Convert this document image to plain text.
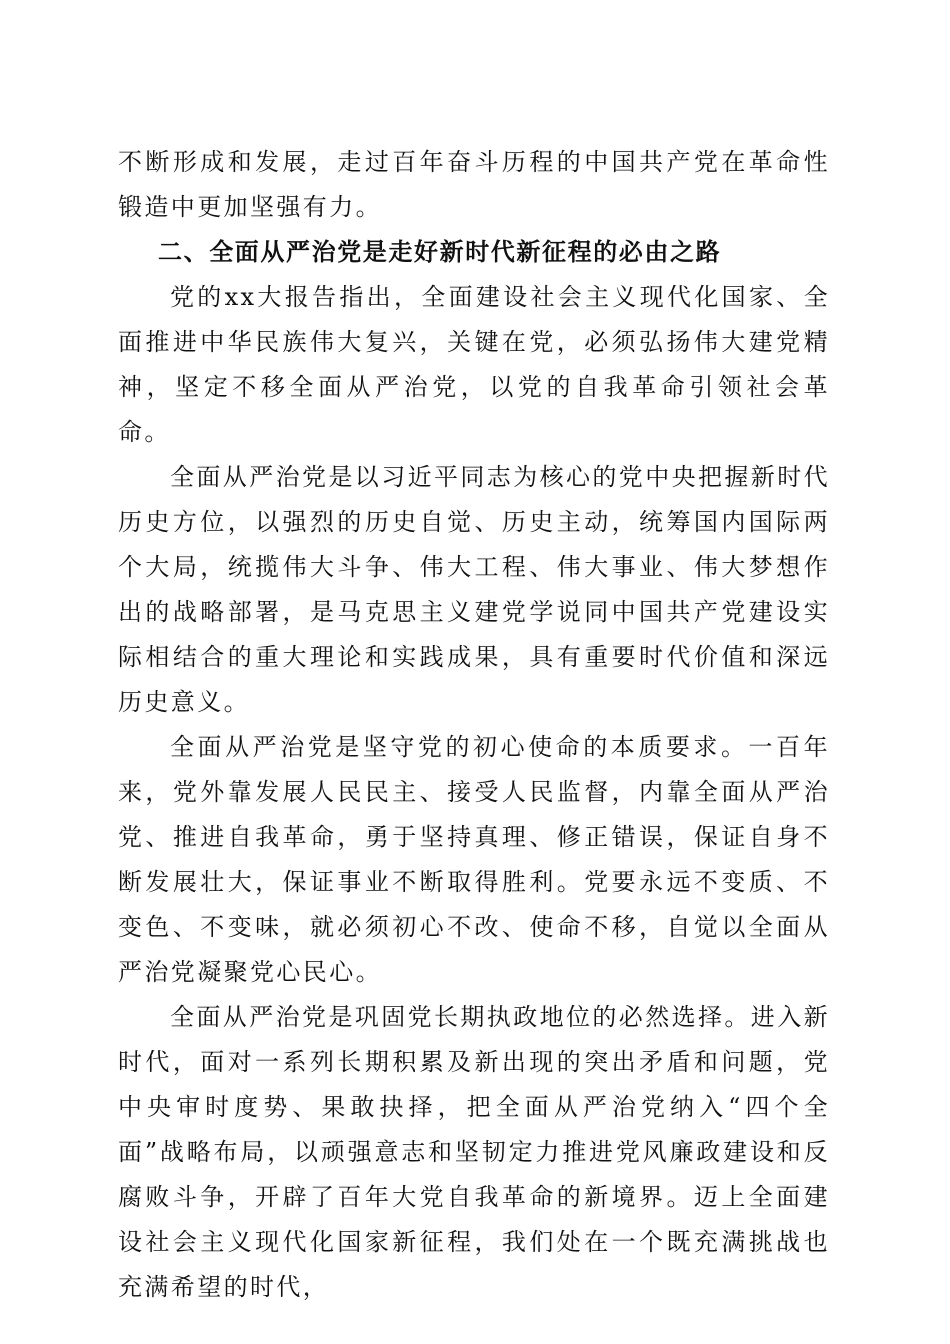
不断形成和发展，走过百年奋斗历程的中国共产党在革命性锻造中更加坚强有力。

二、全面从严治党是走好新时代新征程的必由之路

党的xx大报告指出，全面建设社会主义现代化国家、全面推进中华民族伟大复兴，关键在党，必须弘扬伟大建党精神，坚定不移全面从严治党，以党的自我革命引领社会革命。

全面从严治党是以习近平同志为核心的党中央把握新时代历史方位，以强烈的历史自觉、历史主动，统筹国内国际两个大局，统揽伟大斗争、伟大工程、伟大事业、伟大梦想作出的战略部署，是马克思主义建党学说同中国共产党建设实际相结合的重大理论和实践成果，具有重要时代价值和深远历史意义。

全面从严治党是坚守党的初心使命的本质要求。一百年来，党外靠发展人民民主、接受人民监督，内靠全面从严治党、推进自我革命，勇于坚持真理、修正错误，保证自身不断发展壮大，保证事业不断取得胜利。党要永远不变质、不变色、不变味，就必须初心不改、使命不移，自觉以全面从严治党凝聚党心民心。

全面从严治党是巩固党长期执政地位的必然选择。进入新时代，面对一系列长期积累及新出现的突出矛盾和问题，党中央审时度势、果敢抉择，把全面从严治党纳入“四个全面”战略布局，以顽强意志和坚韧定力推进党风廉政建设和反腐败斗争，开辟了百年大党自我革命的新境界。迈上全面建设社会主义现代化国家新征程，我们处在一个既充满挑战也充满希望的时代，
